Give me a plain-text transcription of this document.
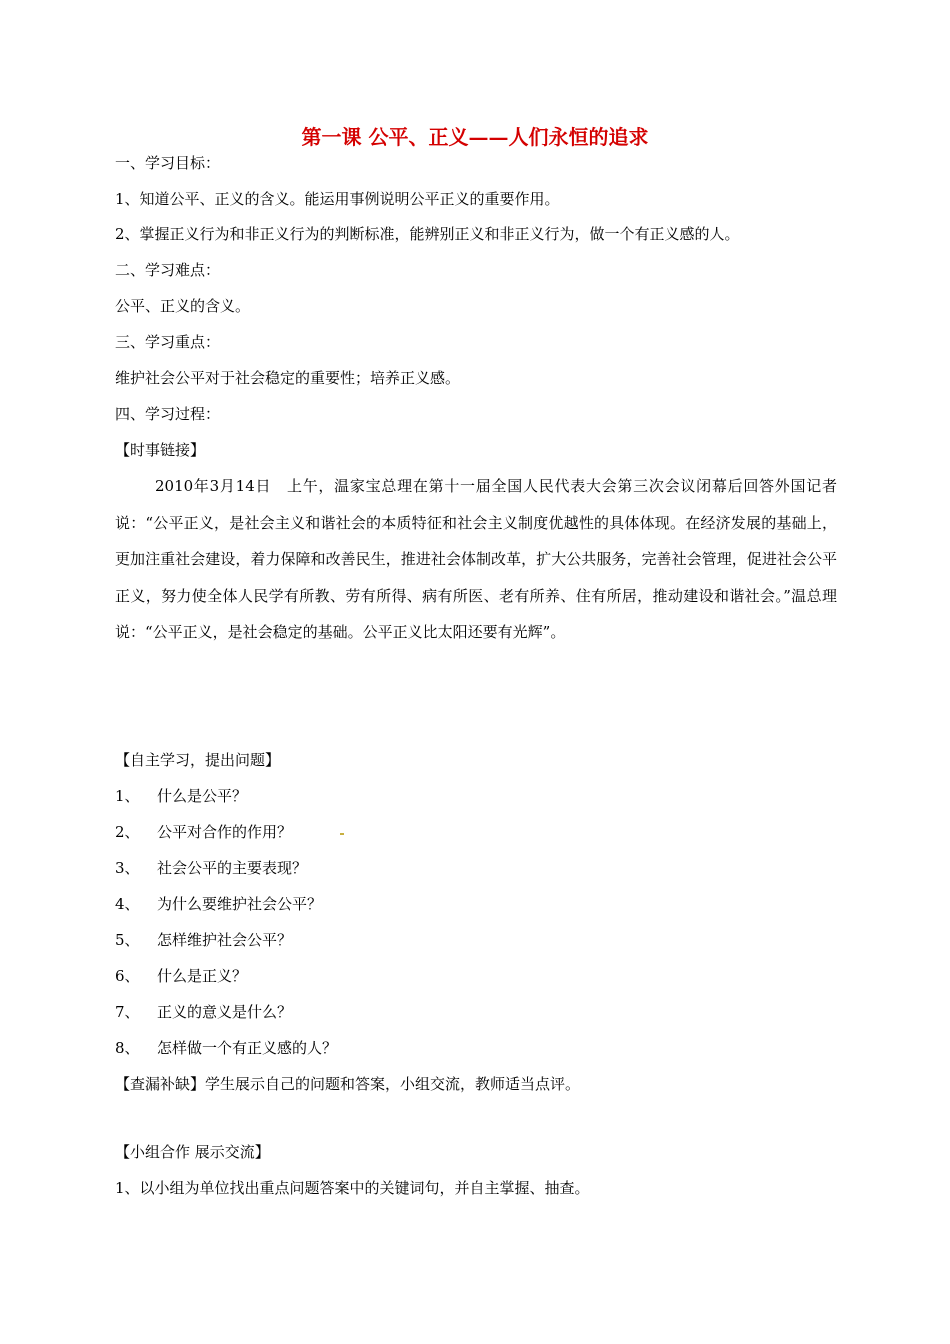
第一课 公平、正义——人们永恒的追求
一、学习目标：
1、知道公平、正义的含义。能运用事例说明公平正义的重要作用。
2、掌握正义行为和非正义行为的判断标准，能辨别正义和非正义行为，做一个有正义感的人。
二、学习难点：
公平、正义的含义。
三、学习重点：
维护社会公平对于社会稳定的重要性；培养正义感。
四、学习过程：
【时事链接】
2010年3月14日　上午，温家宝总理在第十一届全国人民代表大会第三次会议闭幕后回答外国记者说：“公平正义，是社会主义和谐社会的本质特征和社会主义制度优越性的具体体现。在经济发展的基础上，更加注重社会建设，着力保障和改善民生，推进社会体制改革，扩大公共服务，完善社会管理，促进社会公平正义，努力使全体人民学有所教、劳有所得、病有所医、老有所养、住有所居，推动建设和谐社会。”温总理说：“公平正义，是社会稳定的基础。公平正义比太阳还要有光辉”。
【自主学习，提出问题】
1、 什么是公平？
2、 公平对合作的作用？
3、 社会公平的主要表现？
4、 为什么要维护社会公平？
5、 怎样维护社会公平？
6、 什么是正义？
7、 正义的意义是什么？
8、 怎样做一个有正义感的人？
【查漏补缺】学生展示自己的问题和答案，小组交流，教师适当点评。
【小组合作 展示交流】
1、以小组为单位找出重点问题答案中的关键词句，并自主掌握、抽查。
